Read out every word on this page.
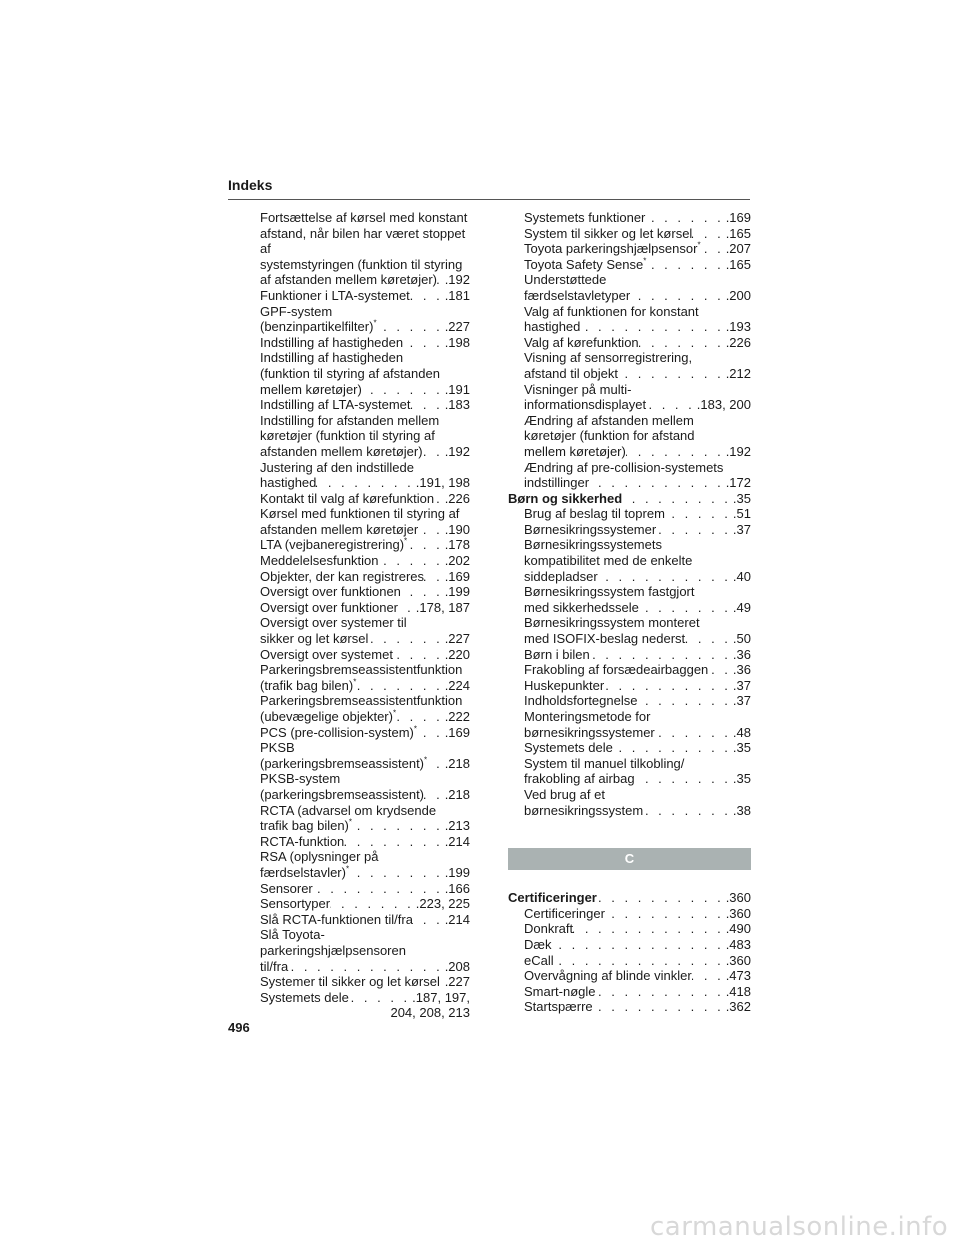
Indeks
Fortsættelse af kørsel med konstant
afstand, når bilen har været stoppet af
systemstyringen (funktion til styring
af afstanden mellem køretøjer) . . . .192
Funktioner i LTA-systemet . . .	.181
GPF-system
(benzinpartikelfilter)* . . .	.227
Indstilling af hastigheden . . .	.198
Indstilling af hastigheden
(funktion til styring af afstanden
mellem køretøjer) . . .	.191
Indstilling af LTA-systemet . . .	.183
Indstilling for afstanden mellem
køretøjer (funktion til styring af
afstanden mellem køretøjer) . . . .192
Justering af den indstillede
hastighed . . .	.191, 198
Kontakt til valg af kørefunktion . . . .226
Kørsel med funktionen til styring af
afstanden mellem køretøjer . . . .190
LTA (vejbaneregistrering)* . . .	.178
Meddelelsesfunktion . . .	.202
Objekter, der kan registreres . . . .169
Oversigt over funktionen . . .	.199
Oversigt over funktioner . . . .178, 187
Oversigt over systemer til
sikker og let kørsel . . .	.227
Oversigt over systemet . . .	.220
Parkeringsbremseassistentfunktion
(trafik bag bilen)* . . .	.224
Parkeringsbremseassistentfunktion
(ubevægelige objekter)* . . .	.222
PCS (pre-collision-system)* . . . .169
PKSB
(parkeringsbremseassistent)* . . . .218
PKSB-system
(parkeringsbremseassistent) . . . .218
RCTA (advarsel om krydsende
trafik bag bilen)* . . .	.213
RCTA-funktion . . .	.214
RSA (oplysninger på
færdselstavler)* . . .	.199
Sensorer . . .	.166
Sensortyper . . .	.223, 225
Slå RCTA-funktionen til/fra . . . .214
Slå Toyota-parkeringshjælpsensoren
til/fra . . .	.208
Systemer til sikker og let kørsel . . . .227
Systemets dele . . .	.187, 197,
204, 208, 213
Systemets funktioner . . .	.169
System til sikker og let kørsel . . .	.165
Toyota parkeringshjælpsensor* . . . .207
Toyota Safety Sense* . . .	.165
Understøttede
færdselstavletyper . . .	.200
Valg af funktionen for konstant
hastighed . . .	.193
Valg af kørefunktion . . .	.226
Visning af sensorregistrering,
afstand til objekt . . .	.212
Visninger på multi-
informationsdisplayet . . .	.183, 200
Ændring af afstanden mellem
køretøjer (funktion for afstand
mellem køretøjer) . . .	.192
Ændring af pre-collision-systemets
indstillinger . . .	.172
Børn og sikkerhed . . .	.35
Brug af beslag til toprem . . .	.51
Børnesikringssystemer . . .	.37
Børnesikringssystemets
kompatibilitet med de enkelte
siddepladser . . .	.40
Børnesikringssystem fastgjort
med sikkerhedssele . . .	.49
Børnesikringssystem monteret
med ISOFIX-beslag nederst . . .	.50
Børn i bilen . . .	.36
Frakobling af forsædeairbaggen . . . .36
Huskepunkter . . .	.37
Indholdsfortegnelse . . .	.37
Monteringsmetode for
børnesikringssystemer . . .	.48
Systemets dele . . .	.35
System til manuel tilkobling/
frakobling af airbag . . .	.35
Ved brug af et
børnesikringssystem . . .	.38
C
Certificeringer . . .	.360
Certificeringer . . .	.360
Donkraft . . .	.490
Dæk . . .	.483
eCall . . .	.360
Overvågning af blinde vinkler . . .	.473
Smart-nøgle . . .	.418
Startspærre . . .	.362
496
carmanualsonline.info
